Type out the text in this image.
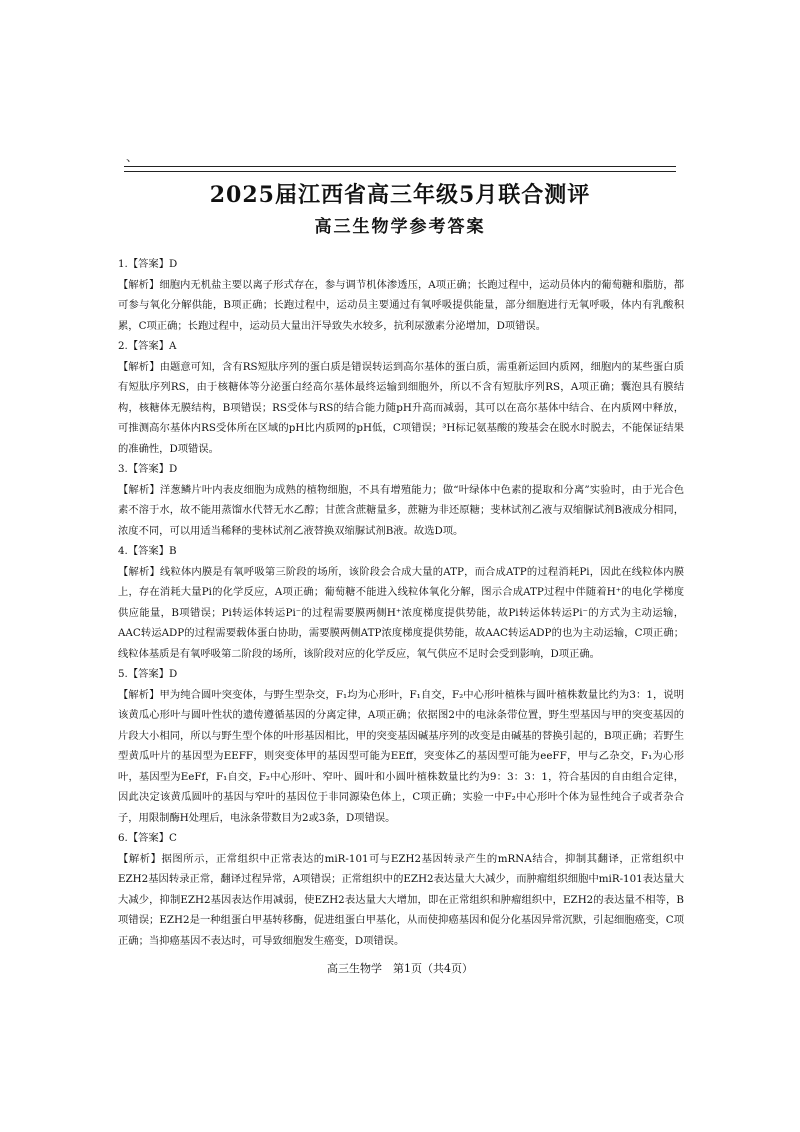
、
2025届江西省高三年级5月联合测评
高三生物学参考答案

1.【答案】D

【解析】细胞内无机盐主要以离子形式存在，参与调节机体渗透压，A项正确；长跑过程中，运动员体内的葡萄糖和脂肪，都可参与氧化分解供能，B项正确；长跑过程中，运动员主要通过有氧呼吸提供能量，部分细胞进行无氧呼吸，体内有乳酸积累，C项正确；长跑过程中，运动员大量出汗导致失水较多，抗利尿激素分泌增加，D项错误。

2.【答案】A

【解析】由题意可知，含有RS短肽序列的蛋白质是错误转运到高尔基体的蛋白质，需重新运回内质网，细胞内的某些蛋白质有短肽序列RS，由于核糖体等分泌蛋白经高尔基体最终运输到细胞外，所以不含有短肽序列RS，A项正确；囊泡具有膜结构，核糖体无膜结构，B项错误；RS受体与RS的结合能力随pH升高而减弱，其可以在高尔基体中结合、在内质网中释放，可推测高尔基体内RS受体所在区域的pH比内质网的pH低，C项错误；³H标记氨基酸的羧基会在脱水时脱去，不能保证结果的准确性，D项错误。

3.【答案】D

【解析】洋葱鳞片叶内表皮细胞为成熟的植物细胞，不具有增殖能力；做“叶绿体中色素的提取和分离”实验时，由于光合色素不溶于水，故不能用蒸馏水代替无水乙醇；甘蔗含蔗糖量多，蔗糖为非还原糖；斐林试剂乙液与双缩脲试剂B液成分相同，浓度不同，可以用适当稀释的斐林试剂乙液替换双缩脲试剂B液。故选D项。

4.【答案】B

【解析】线粒体内膜是有氧呼吸第三阶段的场所，该阶段会合成大量的ATP，而合成ATP的过程消耗Pi，因此在线粒体内膜上，存在消耗大量Pi的化学反应，A项正确；葡萄糖不能进入线粒体氧化分解，图示合成ATP过程中伴随着H⁺的电化学梯度供应能量，B项错误；Pi转运体转运Pi⁻的过程需要膜两侧H⁺浓度梯度提供势能，故Pi转运体转运Pi⁻的方式为主动运输，AAC转运ADP的过程需要载体蛋白协助，需要膜两侧ATP浓度梯度提供势能，故AAC转运ADP的也为主动运输，C项正确；线粒体基质是有氧呼吸第二阶段的场所，该阶段对应的化学反应，氧气供应不足时会受到影响，D项正确。

5.【答案】D

【解析】甲为纯合圆叶突变体，与野生型杂交，F₁均为心形叶，F₁自交，F₂中心形叶植株与圆叶植株数量比约为3：1，说明该黄瓜心形叶与圆叶性状的遗传遵循基因的分离定律，A项正确；依据图2中的电泳条带位置，野生型基因与甲的突变基因的片段大小相同，所以与野生型个体的叶形基因相比，甲的突变基因碱基序列的改变是由碱基的替换引起的，B项正确；若野生型黄瓜叶片的基因型为EEFF，则突变体甲的基因型可能为EEff，突变体乙的基因型可能为eeFF，甲与乙杂交，F₁为心形叶，基因型为EeFf，F₁自交，F₂中心形叶、窄叶、圆叶和小圆叶植株数量比约为9：3：3：1，符合基因的自由组合定律，因此决定该黄瓜圆叶的基因与窄叶的基因位于非同源染色体上，C项正确；实验一中F₂中心形叶个体为显性纯合子或者杂合子，用限制酶H处理后，电泳条带数目为2或3条，D项错误。

6.【答案】C

【解析】据图所示，正常组织中正常表达的miR-101可与EZH2基因转录产生的mRNA结合，抑制其翻译，正常组织中EZH2基因转录正常，翻译过程异常，A项错误；正常组织中的EZH2表达量大大减少，而肿瘤组织细胞中miR-101表达量大大减少，抑制EZH2基因表达作用减弱，使EZH2表达量大大增加，即在正常组织和肿瘤组织中，EZH2的表达量不相等，B项错误；EZH2是一种组蛋白甲基转移酶，促进组蛋白甲基化，从而使抑癌基因和促分化基因异常沉默，引起细胞癌变，C项正确；当抑癌基因不表达时，可导致细胞发生癌变，D项错误。

高三生物学　第1页（共4页）
